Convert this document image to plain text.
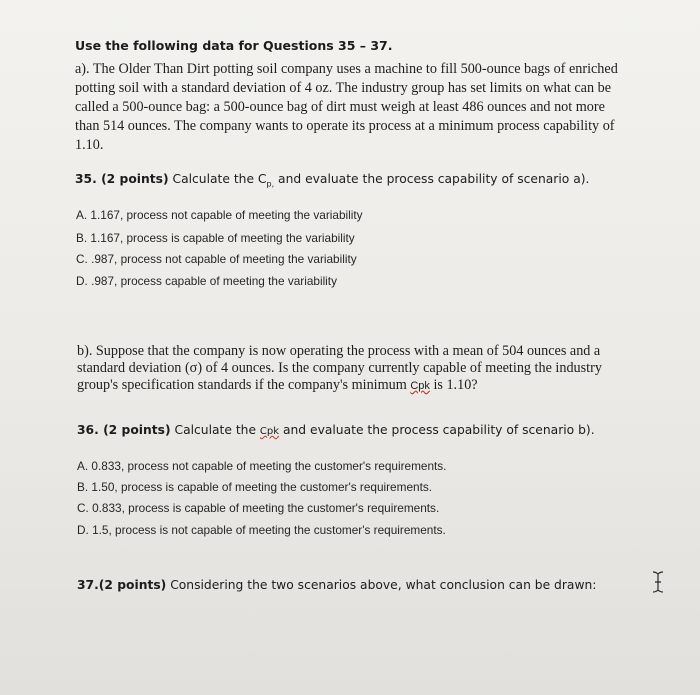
Use the following data for Questions 35 – 37.

a). The Older Than Dirt potting soil company uses a machine to fill 500-ounce bags of enriched

potting soil with a standard deviation of 4 oz. The industry group has set limits on what can be

called a 500-ounce bag: a 500-ounce bag of dirt must weigh at least 486 ounces and not more

than 514 ounces. The company wants to operate its process at a minimum process capability of

1.10.

35. (2 points) Calculate the $C_{p,}$ and evaluate the process capability of scenario a).
A. 1.167, process not capable of meeting the variability
B. 1.167, process is capable of meeting the variability
C. .987, process not capable of meeting the variability
D. .987, process capable of meeting the variability

b). Suppose that the company is now operating the process with a mean of 504 ounces and a

standard deviation (σ) of 4 ounces. Is the company currently capable of meeting the industry

group's specification standards if the company's minimum Cpk is 1.10?

36. (2 points) Calculate the Cpk and evaluate the process capability of scenario b).
A. 0.833, process not capable of meeting the customer's requirements.
B. 1.50, process is capable of meeting the customer's requirements.
C. 0.833, process is capable of meeting the customer's requirements.
D. 1.5, process is not capable of meeting the customer's requirements.
37.(2 points) Considering the two scenarios above, what conclusion can be drawn:
